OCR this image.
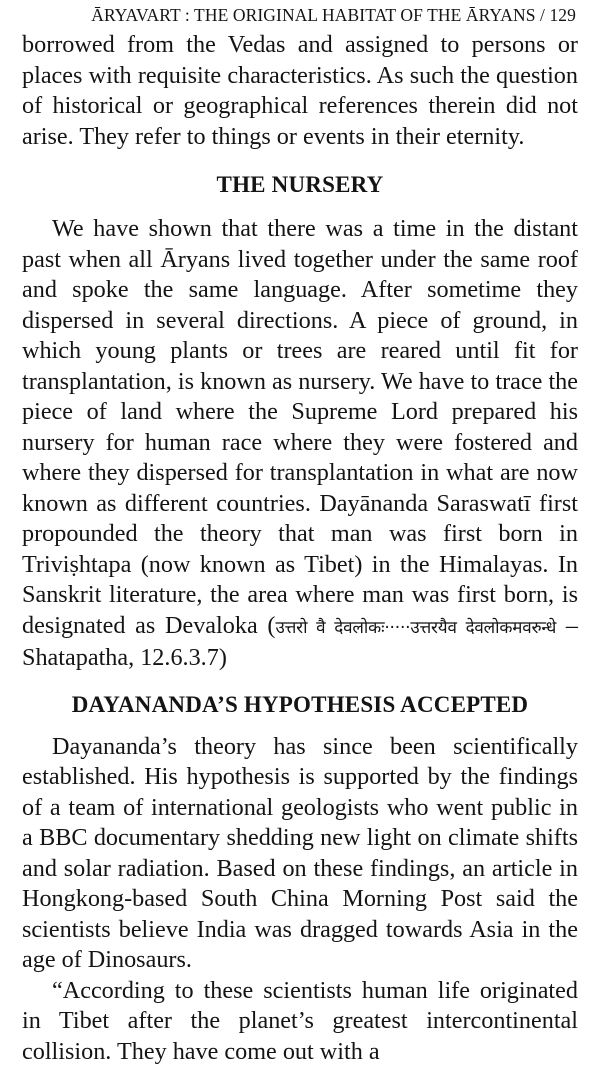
ĀRYAVART : THE ORIGINAL HABITAT OF THE ĀRYANS / 129

borrowed from the Vedas and assigned to persons or places with requisite characteristics. As such the question of historical or geographical references therein did not arise. They refer to things or events in their eternity.

THE NURSERY

We have shown that there was a time in the distant past when all Āryans lived together under the same roof and spoke the same language. After sometime they dispersed in several directions. A piece of ground, in which young plants or trees are reared until fit for transplantation, is known as nursery. We have to trace the piece of land where the Supreme Lord prepared his nursery for human race where they were fostered and where they dispersed for transplantation in what are now known as different countries. Dayānanda Saraswatī first propounded the theory that man was first born in Triviṣhtapa (now known as Tibet) in the Himalayas. In Sanskrit literature, the area where man was first born, is designated as Devaloka (उत्तरो वै देवलोकः·····उत्तरयैव देवलोकमवरुन्धे – Shatapatha, 12.6.3.7)

DAYANANDA’S HYPOTHESIS ACCEPTED

Dayananda’s theory has since been scientifically established. His hypothesis is supported by the findings of a team of international geologists who went public in a BBC documentary shedding new light on climate shifts and solar radiation. Based on these findings, an article in Hongkong-based South China Morning Post said the scientists believe India was dragged towards Asia in the age of Dinosaurs.

“According to these scientists human life originated in Tibet after the planet’s greatest intercontinental collision. They have come out with a
